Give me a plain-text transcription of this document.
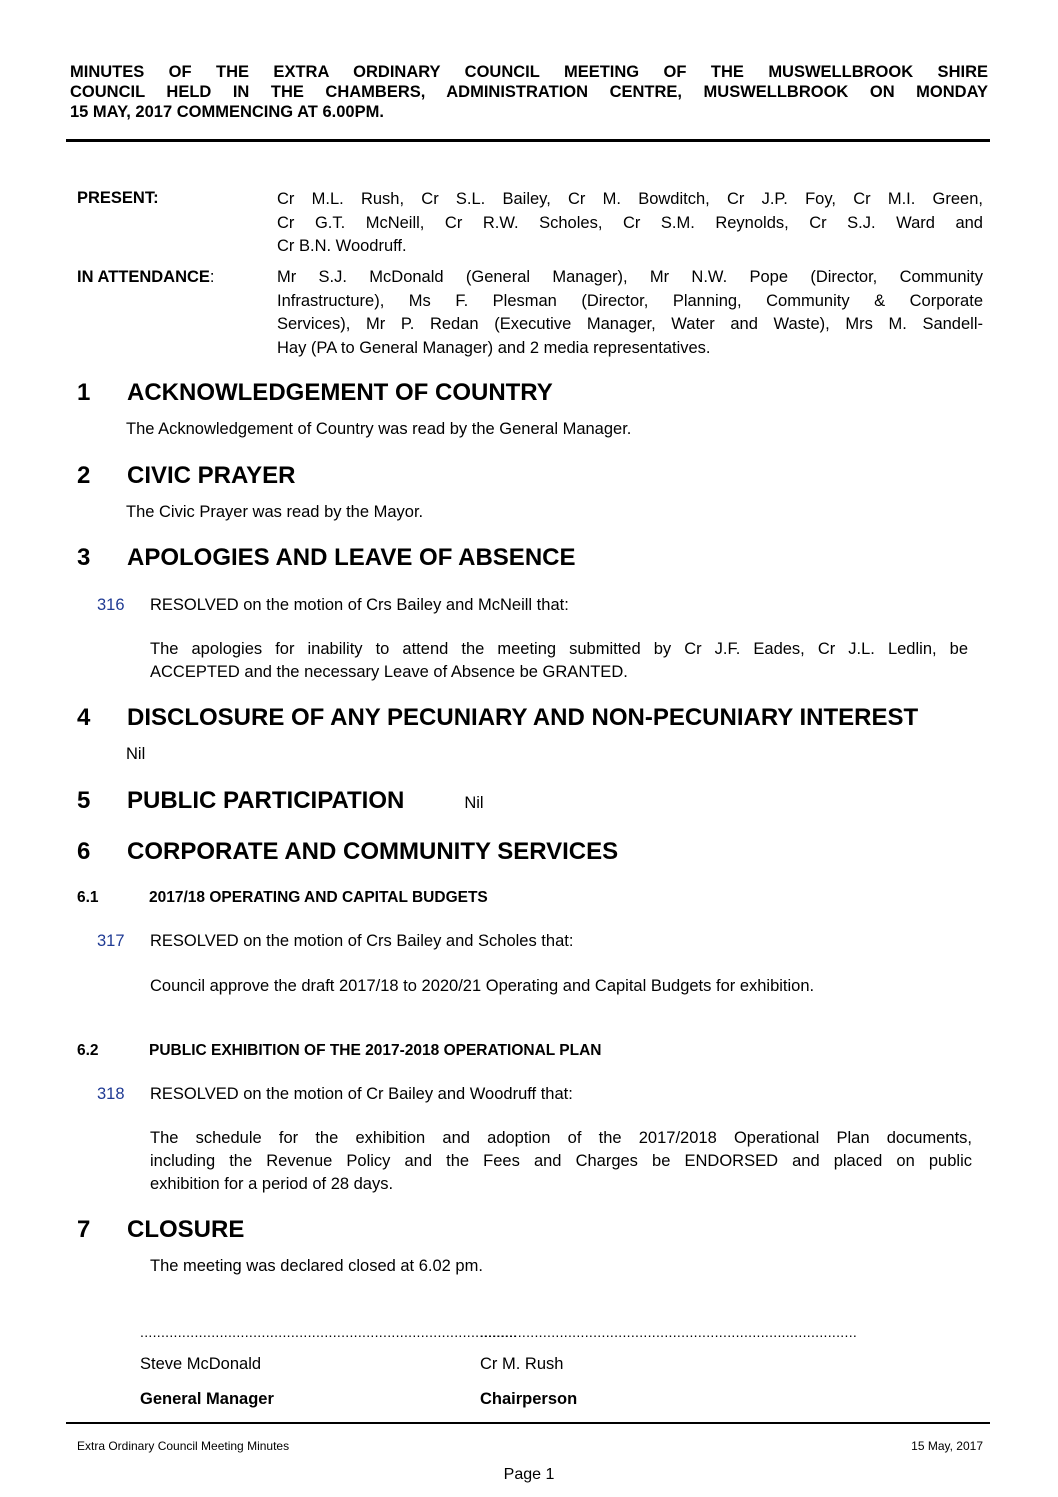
MINUTES OF THE EXTRA ORDINARY COUNCIL MEETING OF THE MUSWELLBROOK SHIRE
COUNCIL HELD IN THE CHAMBERS, ADMINISTRATION CENTRE, MUSWELLBROOK ON MONDAY
15 MAY, 2017 COMMENCING AT 6.00PM.
PRESENT:	Cr M.L. Rush, Cr S.L. Bailey, Cr M. Bowditch, Cr J.P. Foy, Cr M.I. Green,
Cr G.T. McNeill, Cr R.W. Scholes, Cr S.M. Reynolds, Cr S.J. Ward and
Cr B.N. Woodruff.
IN ATTENDANCE:	Mr S.J. McDonald (General Manager), Mr N.W. Pope (Director, Community
Infrastructure), Ms F. Plesman (Director, Planning, Community & Corporate
Services), Mr P. Redan (Executive Manager, Water and Waste), Mrs M. Sandell-
Hay (PA to General Manager) and 2 media representatives.
1 ACKNOWLEDGEMENT OF COUNTRY
The Acknowledgement of Country was read by the General Manager.
2 CIVIC PRAYER
The Civic Prayer was read by the Mayor.
3 APOLOGIES AND LEAVE OF ABSENCE
316 RESOLVED on the motion of Crs Bailey and McNeill that:
The apologies for inability to attend the meeting submitted by Cr J.F. Eades, Cr J.L. Ledlin, be
ACCEPTED and the necessary Leave of Absence be GRANTED.
4 DISCLOSURE OF ANY PECUNIARY AND NON-PECUNIARY INTEREST
Nil
5 PUBLIC PARTICIPATION	Nil
6 CORPORATE AND COMMUNITY SERVICES
6.1	2017/18 OPERATING AND CAPITAL BUDGETS
317 RESOLVED on the motion of Crs Bailey and Scholes that:
Council approve the draft 2017/18 to 2020/21 Operating and Capital Budgets for exhibition.
6.2	PUBLIC EXHIBITION OF THE 2017-2018 OPERATIONAL PLAN
318 RESOLVED on the motion of Cr Bailey and Woodruff that:
The schedule for the exhibition and adoption of the 2017/2018 Operational Plan documents,
including the Revenue Policy and the Fees and Charges be ENDORSED and placed on public
exhibition for a period of 28 days.
7 CLOSURE
The meeting was declared closed at 6.02 pm.
..........................................................................................
..........................................................................................
Steve McDonald	Cr M. Rush
General Manager	Chairperson
Extra Ordinary Council Meeting Minutes	15 May, 2017
Page 1
